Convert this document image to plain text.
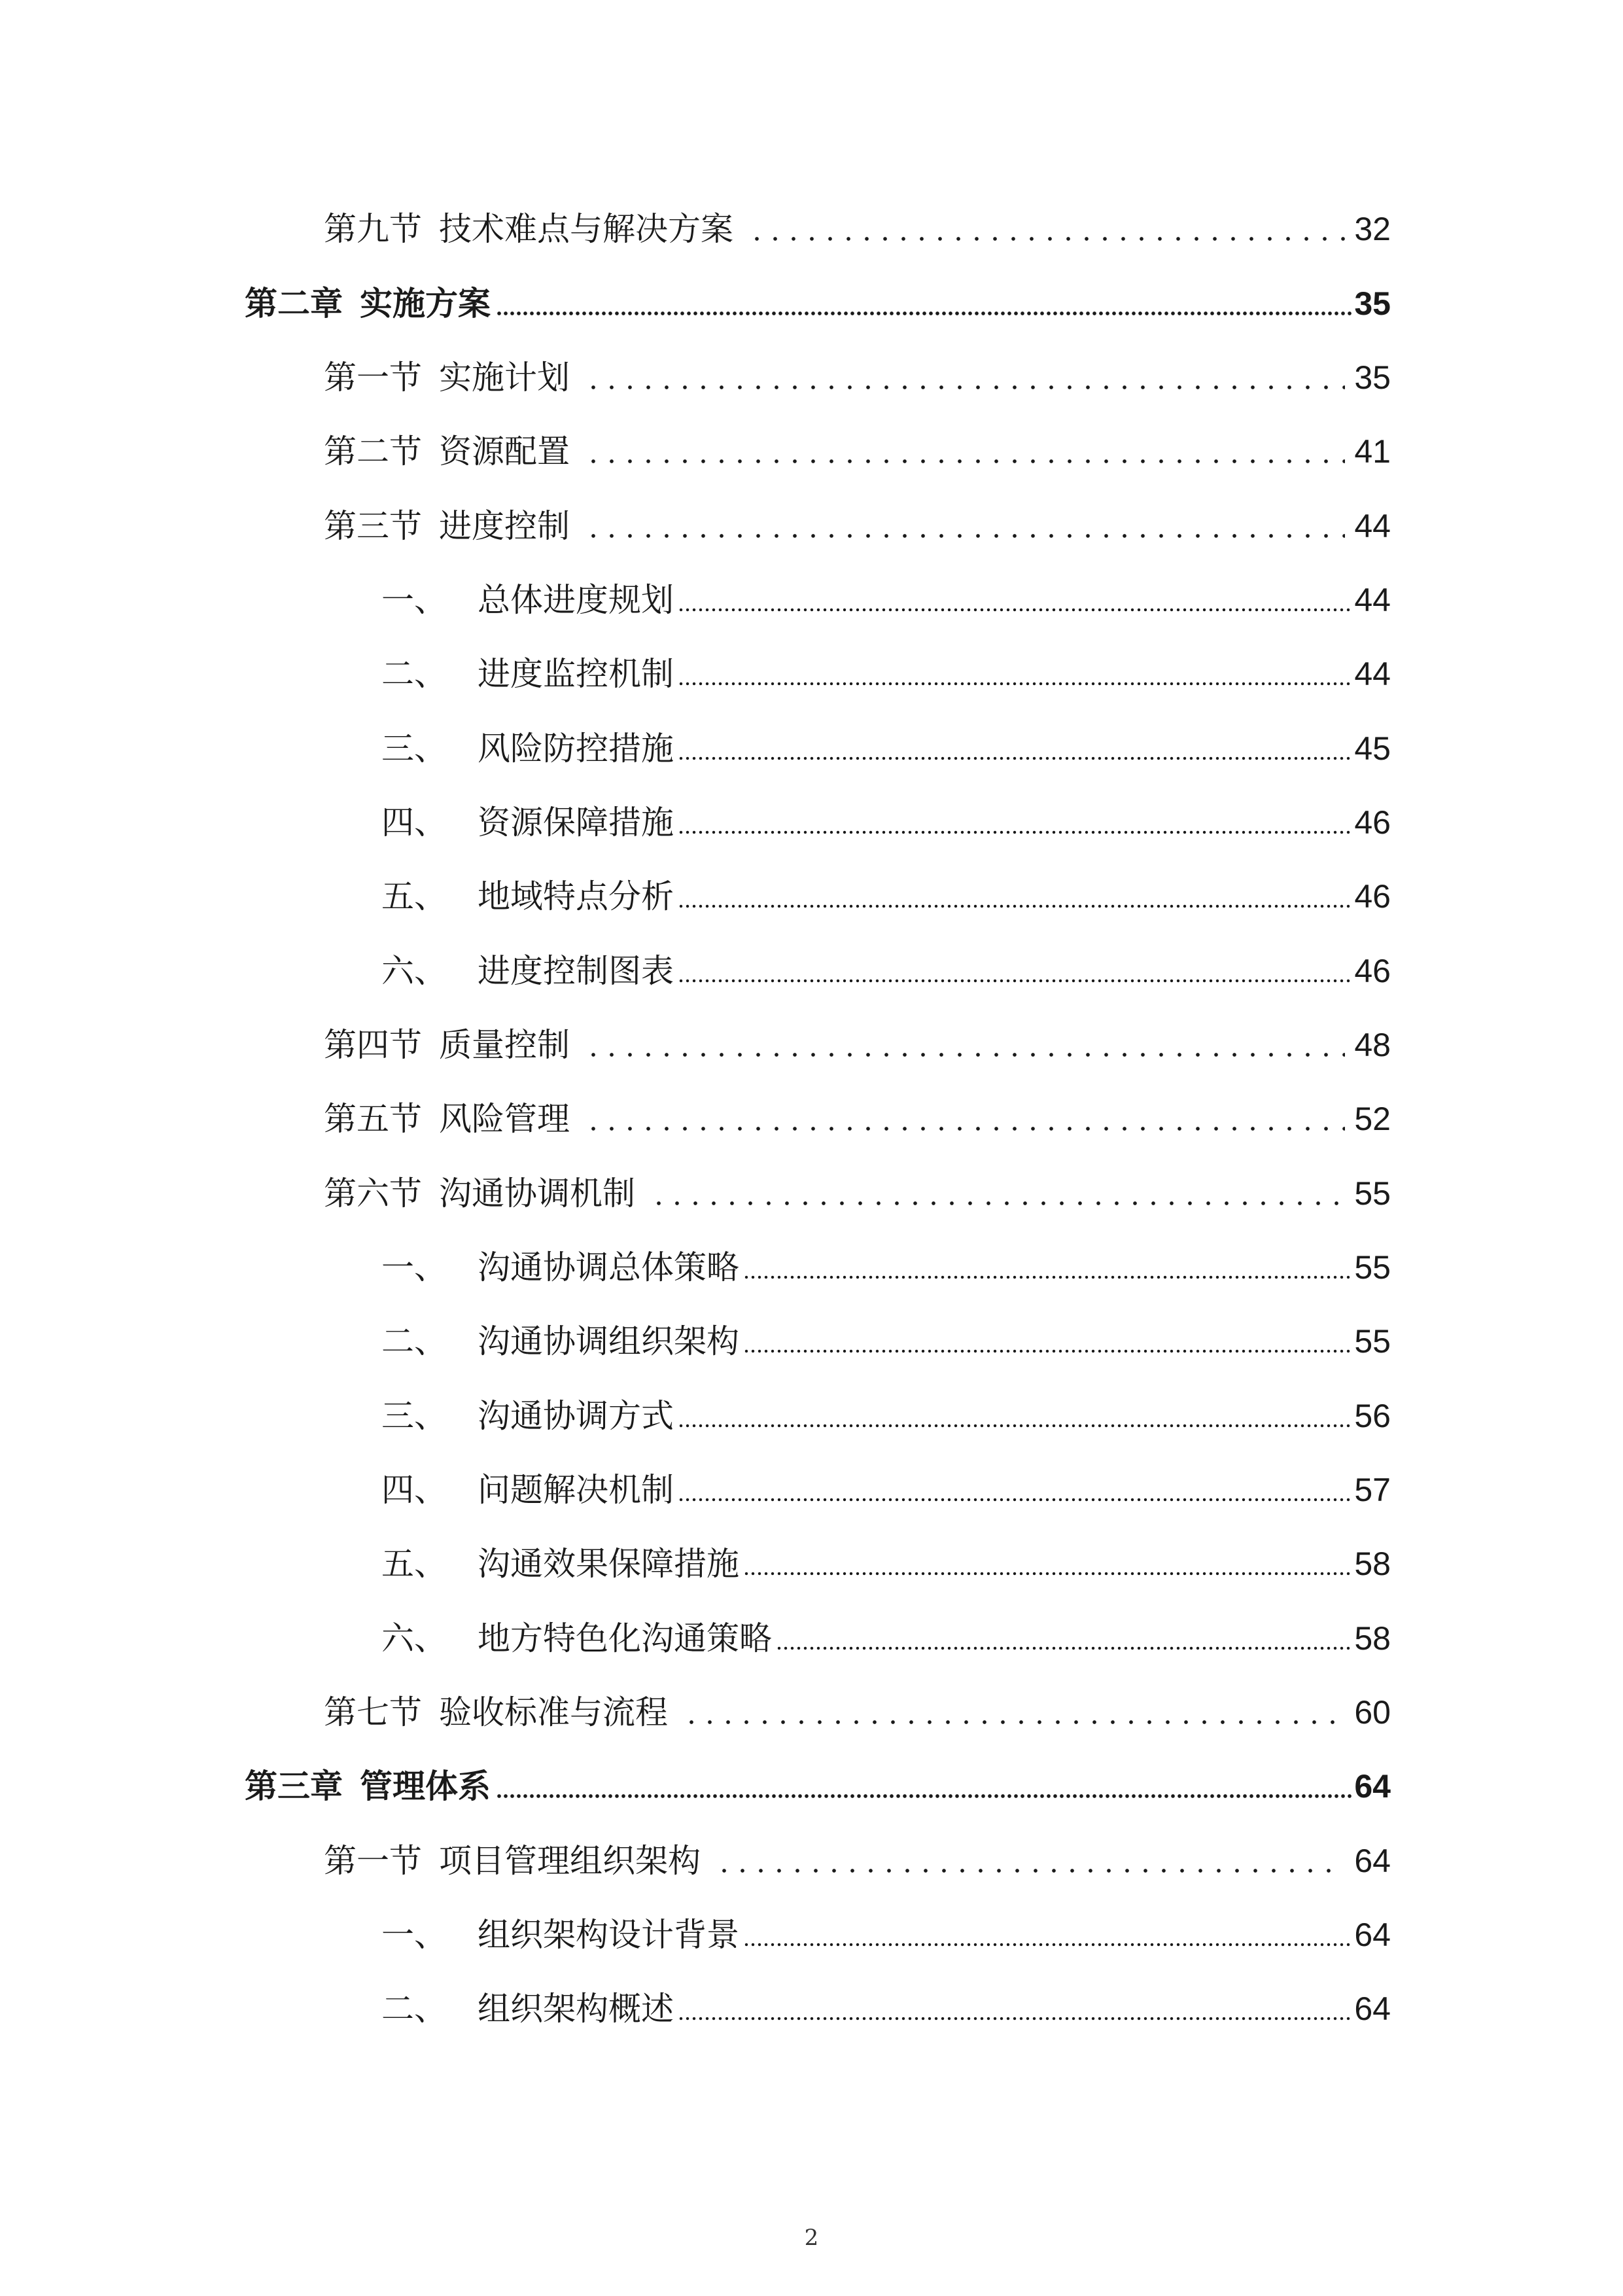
第九节 技术难点与解决方案	32
第二章 实施方案	35
第一节 实施计划	35
第二节 资源配置	41
第三节 进度控制	44
一、 总体进度规划	44
二、 进度监控机制	44
三、 风险防控措施	45
四、 资源保障措施	46
五、 地域特点分析	46
六、 进度控制图表	46
第四节 质量控制	48
第五节 风险管理	52
第六节 沟通协调机制	55
一、 沟通协调总体策略	55
二、 沟通协调组织架构	55
三、 沟通协调方式	56
四、 问题解决机制	57
五、 沟通效果保障措施	58
六、 地方特色化沟通策略	58
第七节 验收标准与流程	60
第三章 管理体系	64
第一节 项目管理组织架构	64
一、 组织架构设计背景	64
二、 组织架构概述	64
2
